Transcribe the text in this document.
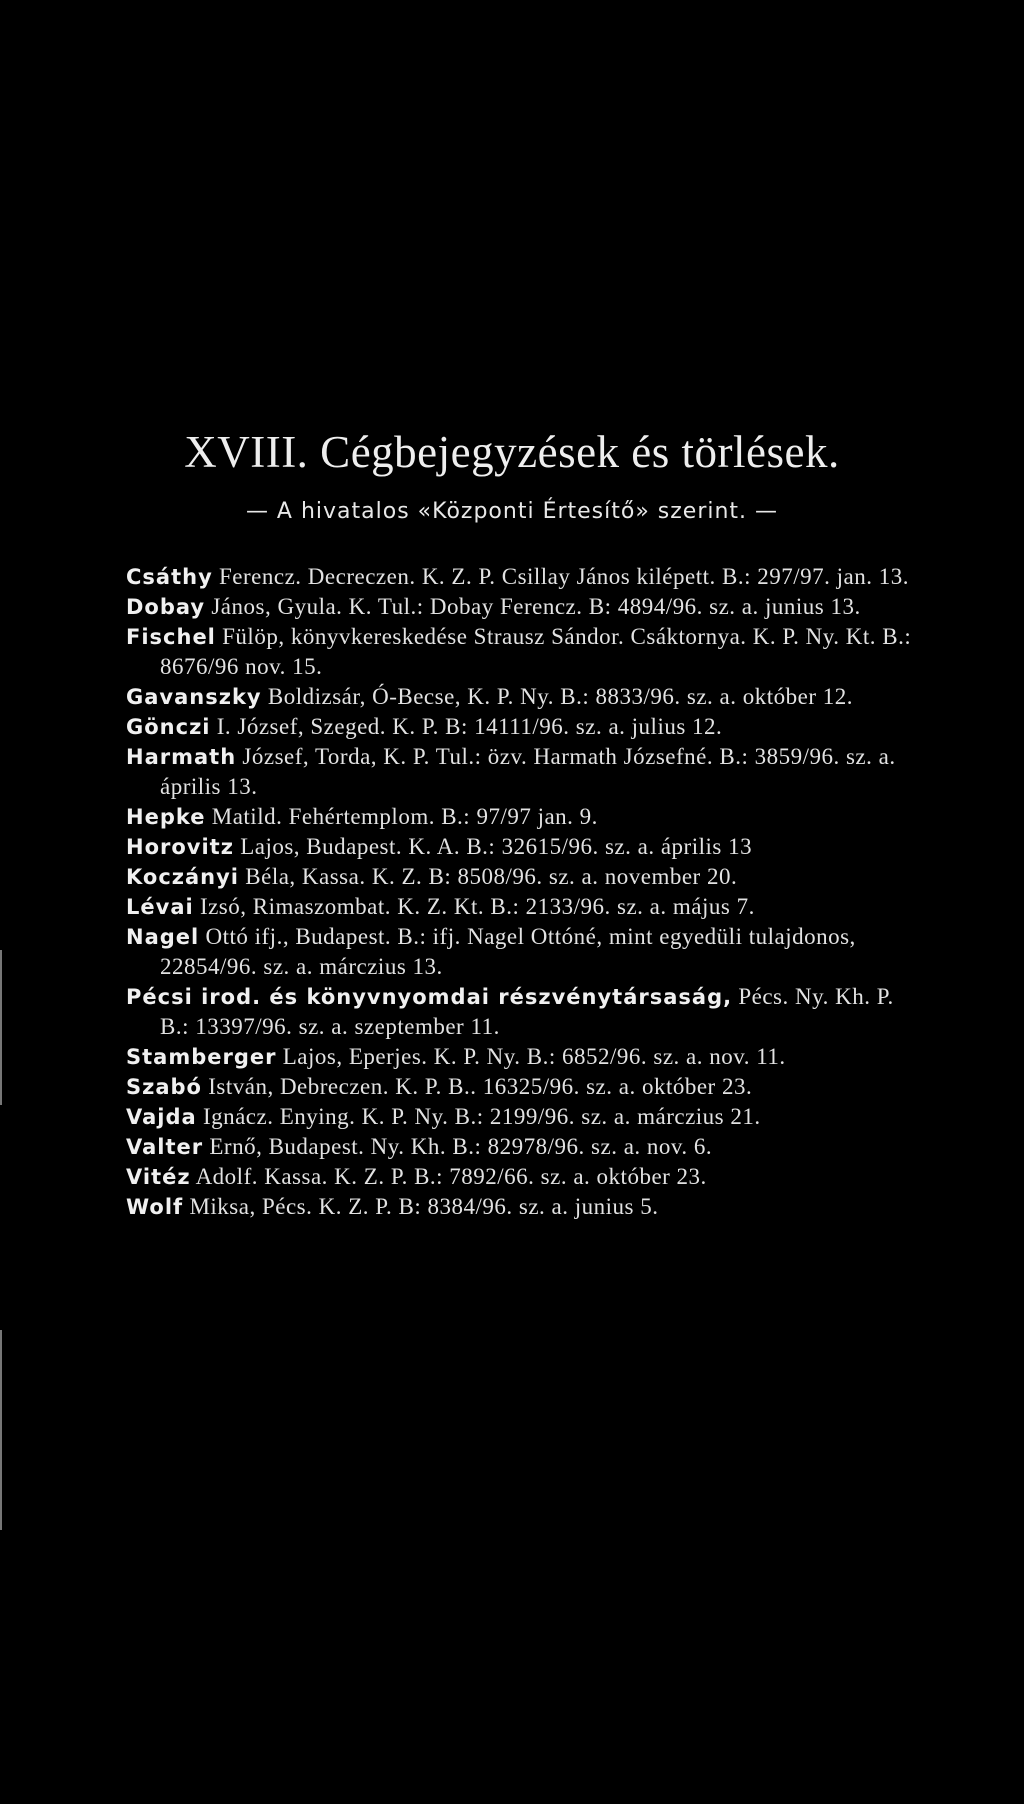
XVIII. Cégbejegyzések és törlések.
— A hivatalos «Központi Értesítő» szerint. —

Csáthy Ferencz. Decreczen. K. Z. P. Csillay János kilépett. B.: 297/97. jan. 13.

Dobay János, Gyula. K. Tul.: Dobay Ferencz. B: 4894/96. sz. a. junius 13.

Fischel Fülöp, könyvkereskedése Strausz Sándor. Csáktornya. K. P. Ny. Kt. B.: 8676/96 nov. 15.

Gavanszky Boldizsár, Ó-Becse, K. P. Ny. B.: 8833/96. sz. a. október 12.

Gönczi I. József, Szeged. K. P. B: 14111/96. sz. a. julius 12.

Harmath József, Torda, K. P. Tul.: özv. Harmath Józsefné. B.: 3859/96. sz. a. április 13.

Hepke Matild. Fehértemplom. B.: 97/97 jan. 9.

Horovitz Lajos, Budapest. K. A. B.: 32615/96. sz. a. április 13

Koczányi Béla, Kassa. K. Z. B: 8508/96. sz. a. november 20.

Lévai Izsó, Rimaszombat. K. Z. Kt. B.: 2133/96. sz. a. május 7.

Nagel Ottó ifj., Budapest. B.: ifj. Nagel Ottóné, mint egyedüli tulajdonos, 22854/96. sz. a. márczius 13.

Pécsi irod. és könyvnyomdai részvénytársaság, Pécs. Ny. Kh. P. B.: 13397/96. sz. a. szeptember 11.

Stamberger Lajos, Eperjes. K. P. Ny. B.: 6852/96. sz. a. nov. 11.

Szabó István, Debreczen. K. P. B.. 16325/96. sz. a. október 23.

Vajda Ignácz. Enying. K. P. Ny. B.: 2199/96. sz. a. márczius 21.

Valter Ernő, Budapest. Ny. Kh. B.: 82978/96. sz. a. nov. 6.

Vitéz Adolf. Kassa. K. Z. P. B.: 7892/66. sz. a. október 23.

Wolf Miksa, Pécs. K. Z. P. B: 8384/96. sz. a. junius 5.
